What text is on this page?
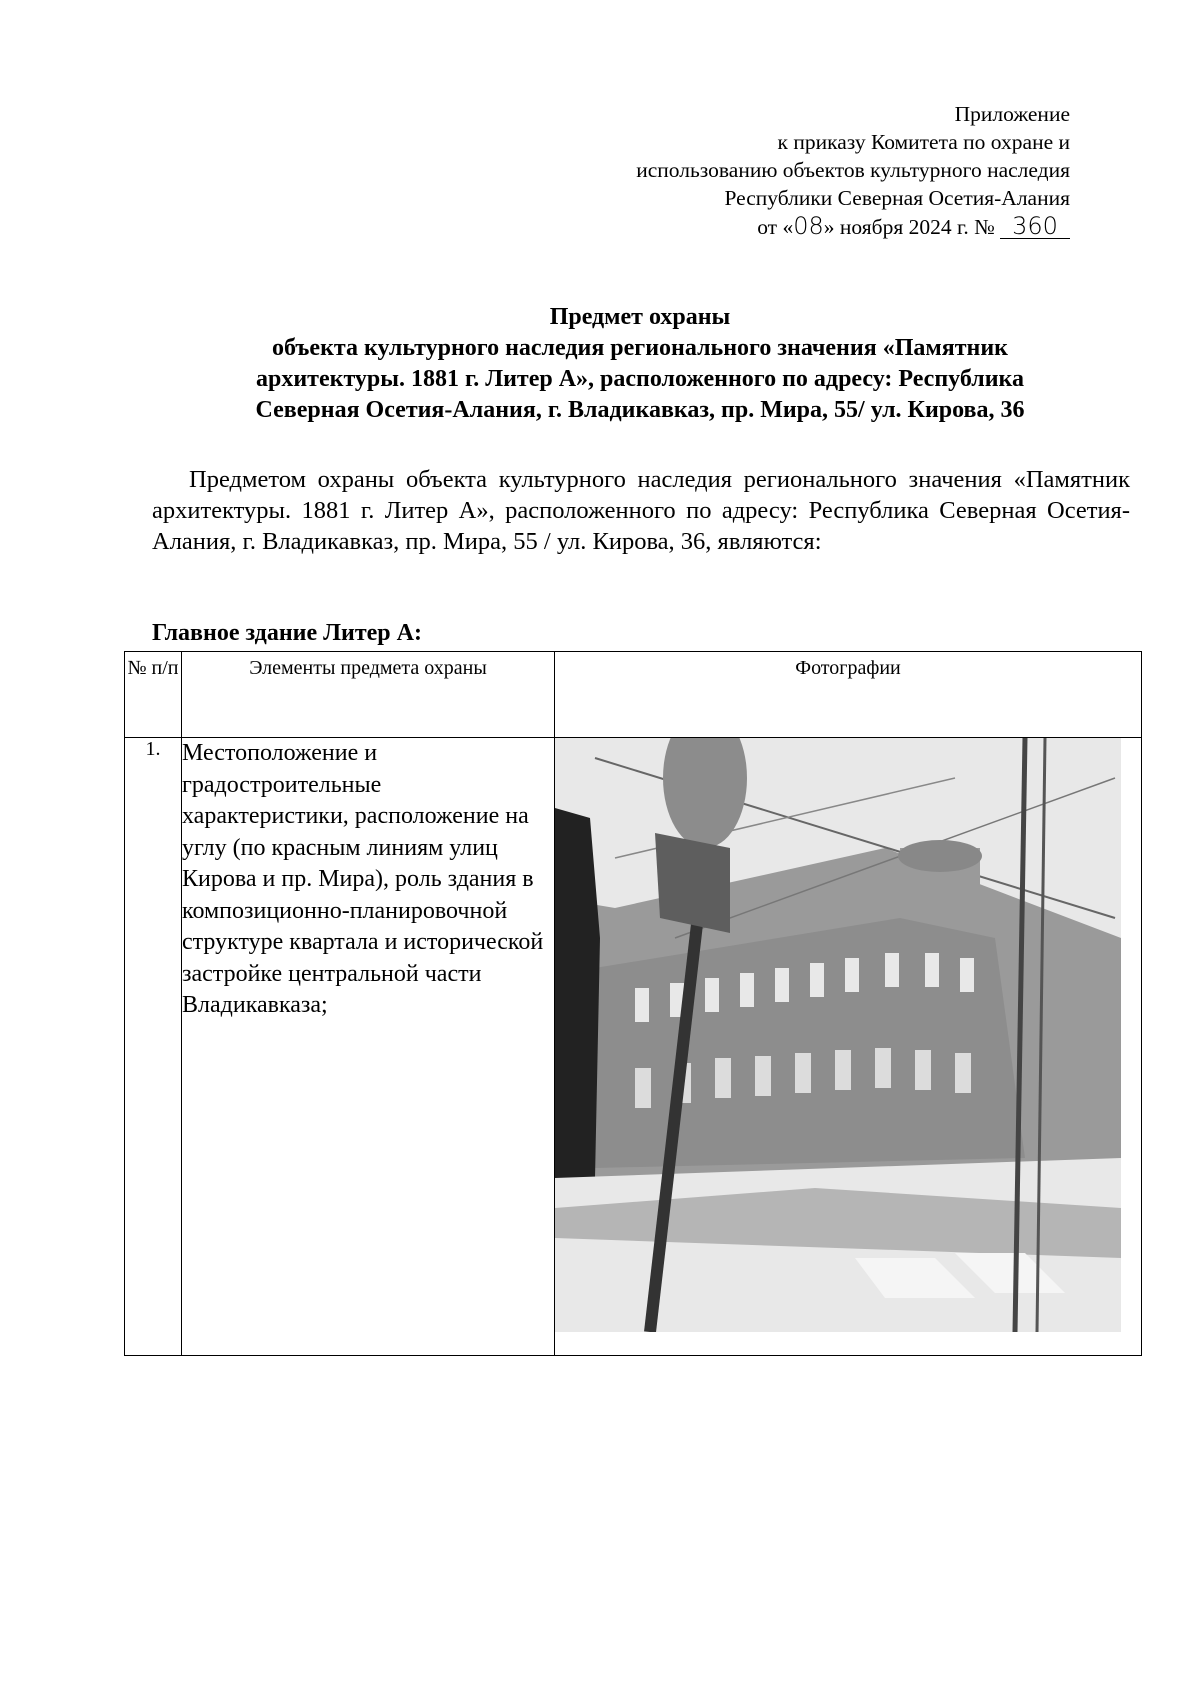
Приложение
к приказу Комитета по охране и
использованию объектов культурного наследия
Республики Северная Осетия-Алания
от «08» ноября 2024 г. № 360
Предмет охраны
объекта культурного наследия регионального значения «Памятник
архитектуры. 1881 г. Литер А», расположенного по адресу: Республика
Северная Осетия-Алания, г. Владикавказ, пр. Мира, 55/ ул. Кирова, 36

Предметом охраны объекта культурного наследия регионального значения «Памятник архитектуры. 1881 г. Литер А», расположенного по адресу: Республика Северная Осетия-Алания, г. Владикавказ, пр. Мира, 55 / ул. Кирова, 36, являются:

Главное здание Литер А:
№ п/п	Элементы предмета охраны	Фотографии
1.	Местоположение и градостроительные характеристики, расположение на углу (по красным линиям улиц Кирова и пр. Мира), роль здания в композиционно-планировочной структуре квартала и исторической застройке центральной части Владикавказа;	
